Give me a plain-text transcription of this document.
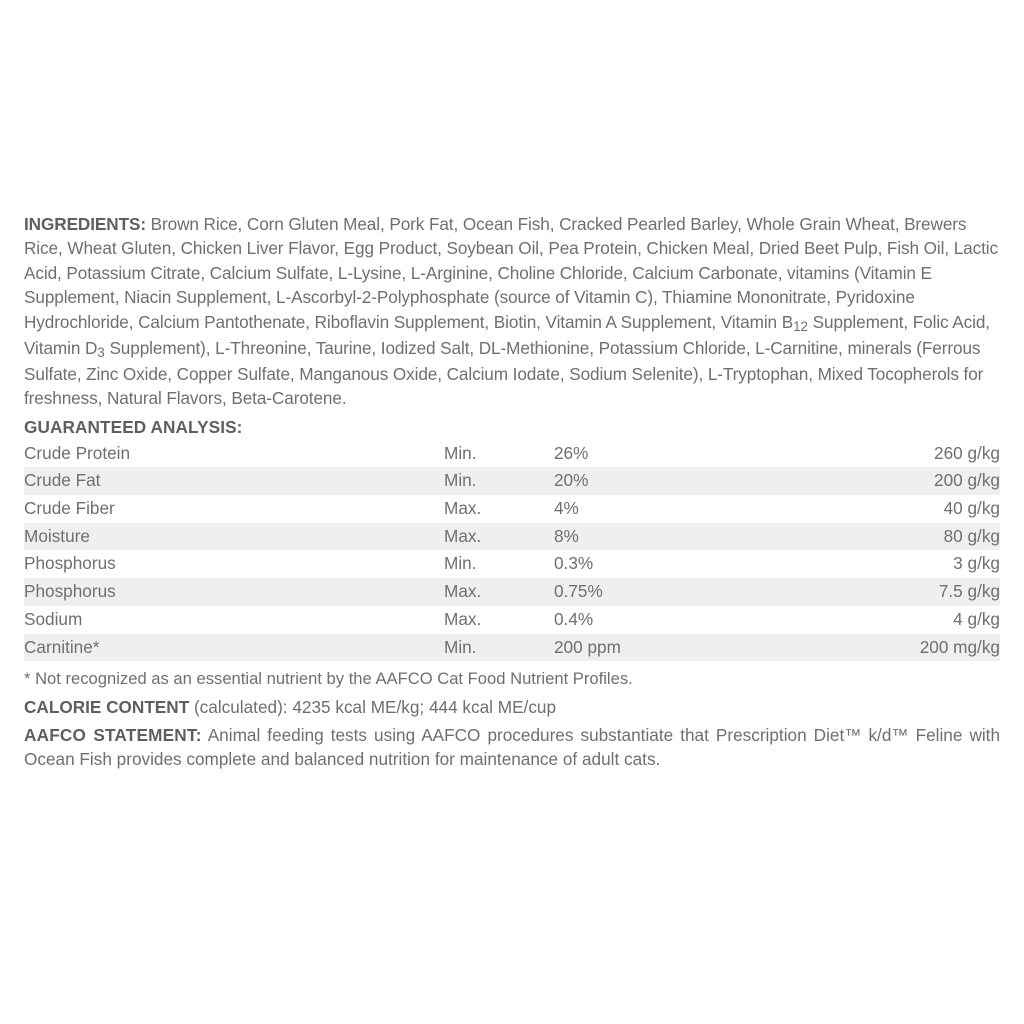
INGREDIENTS: Brown Rice, Corn Gluten Meal, Pork Fat, Ocean Fish, Cracked Pearled Barley, Whole Grain Wheat, Brewers Rice, Wheat Gluten, Chicken Liver Flavor, Egg Product, Soybean Oil, Pea Protein, Chicken Meal, Dried Beet Pulp, Fish Oil, Lactic Acid, Potassium Citrate, Calcium Sulfate, L-Lysine, L-Arginine, Choline Chloride, Calcium Carbonate, vitamins (Vitamin E Supplement, Niacin Supplement, L-Ascorbyl-2-Polyphosphate (source of Vitamin C), Thiamine Mononitrate, Pyridoxine Hydrochloride, Calcium Pantothenate, Riboflavin Supplement, Biotin, Vitamin A Supplement, Vitamin $B_{12}$ Supplement, Folic Acid, Vitamin $D_3$ Supplement), L-Threonine, Taurine, Iodized Salt, DL-Methionine, Potassium Chloride, L-Carnitine, minerals (Ferrous Sulfate, Zinc Oxide, Copper Sulfate, Manganous Oxide, Calcium Iodate, Sodium Selenite), L-Tryptophan, Mixed Tocopherols for freshness, Natural Flavors, Beta-Carotene.

GUARANTEED ANALYSIS:
Crude Protein	Min.	26%	260 g/kg
Crude Fat	Min.	20%	200 g/kg
Crude Fiber	Max.	4%	40 g/kg
Moisture	Max.	8%	80 g/kg
Phosphorus	Min.	0.3%	3 g/kg
Phosphorus	Max.	0.75%	7.5 g/kg
Sodium	Max.	0.4%	4 g/kg
Carnitine*	Min.	200 ppm	200 mg/kg

* Not recognized as an essential nutrient by the AAFCO Cat Food Nutrient Profiles.

CALORIE CONTENT (calculated): 4235 kcal ME/kg; 444 kcal ME/cup

AAFCO STATEMENT: Animal feeding tests using AAFCO procedures substantiate that Prescription Diet™ k/d™ Feline with Ocean Fish provides complete and balanced nutrition for maintenance of adult cats.
